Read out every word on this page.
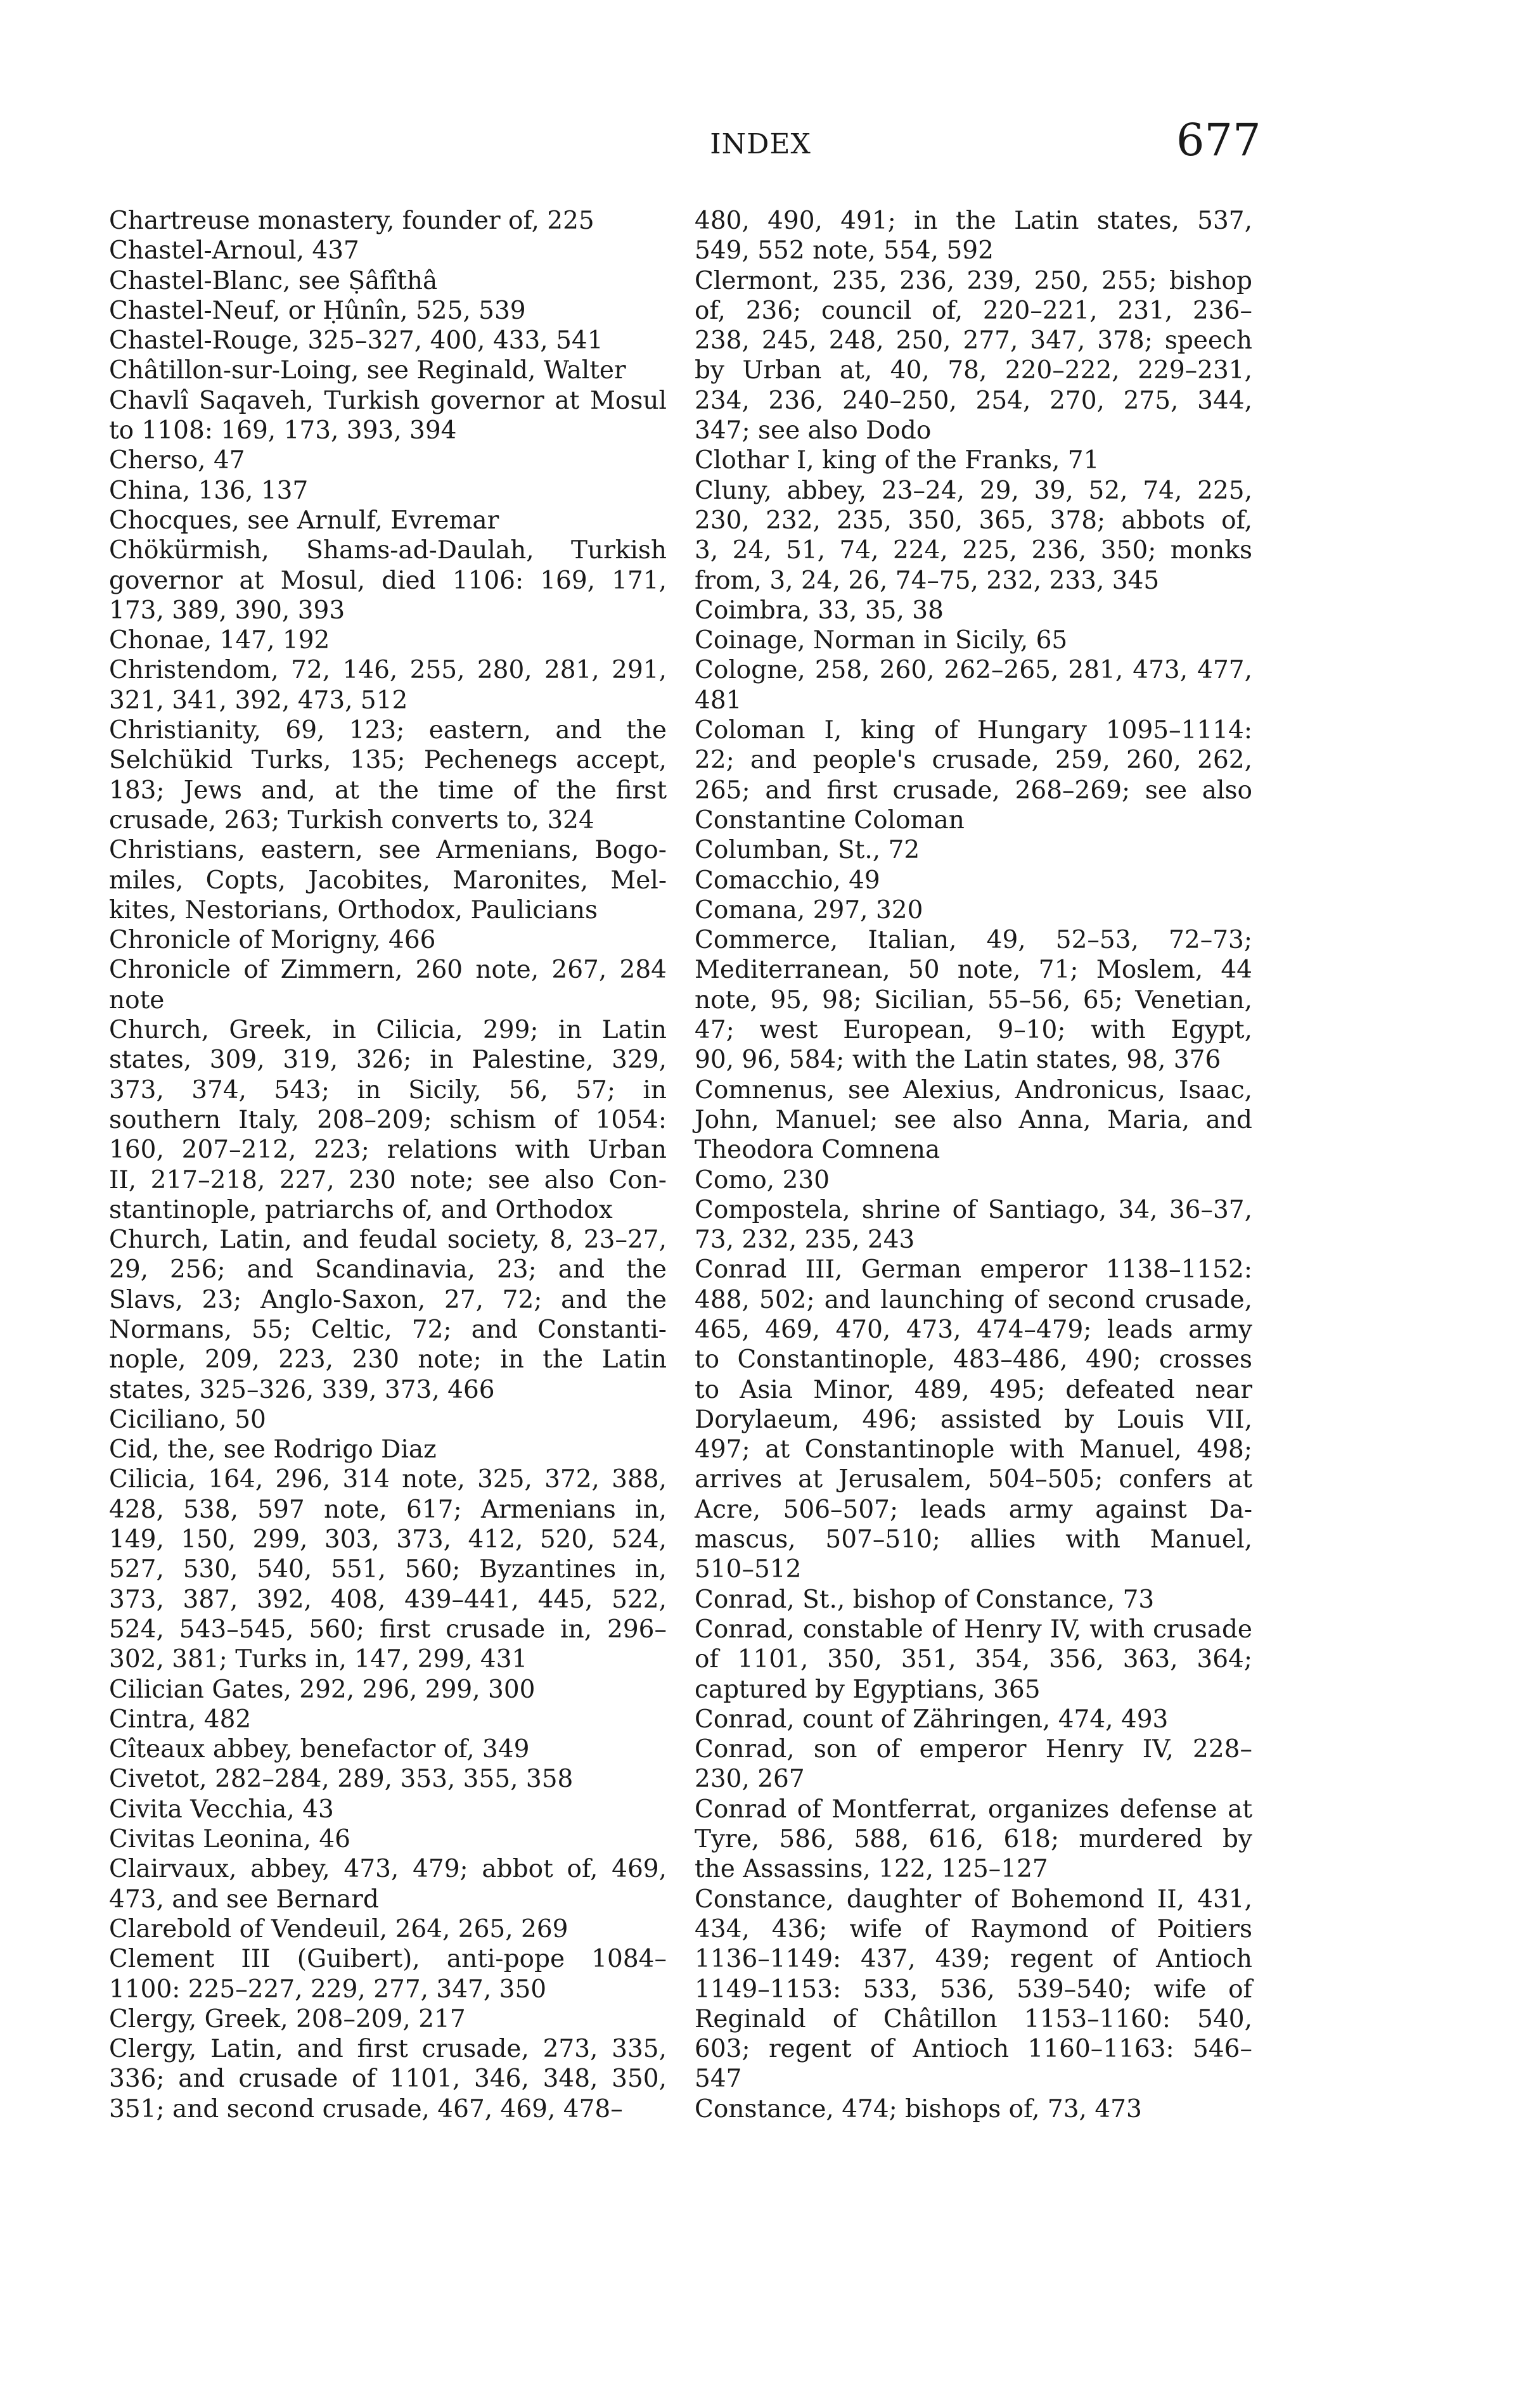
INDEX	677

Chartreuse monastery, founder of, 225

Chastel-Arnoul, 437

Chastel-Blanc, see Ṣâfîthâ

Chastel-Neuf, or Ḥûnîn, 525, 539

Chastel-Rouge, 325–327, 400, 433, 541

Châtillon-sur-Loing, see Reginald, Walter

Chavlî Saqaveh, Turkish governor at Mosul
to 1108: 169, 173, 393, 394

Cherso, 47

China, 136, 137

Chocques, see Arnulf, Evremar

Chökürmish, Shams-ad-Daulah, Turkish
governor at Mosul, died 1106: 169, 171,
173, 389, 390, 393

Chonae, 147, 192

Christendom, 72, 146, 255, 280, 281, 291,
321, 341, 392, 473, 512

Christianity, 69, 123; eastern, and the
Selchükid Turks, 135; Pechenegs accept,
183; Jews and, at the time of the first
crusade, 263; Turkish converts to, 324

Christians, eastern, see Armenians, Bogo-
miles, Copts, Jacobites, Maronites, Mel-
kites, Nestorians, Orthodox, Paulicians

Chronicle of Morigny, 466

Chronicle of Zimmern, 260 note, 267, 284
note

Church, Greek, in Cilicia, 299; in Latin
states, 309, 319, 326; in Palestine, 329,
373, 374, 543; in Sicily, 56, 57; in
southern Italy, 208–209; schism of 1054:
160, 207–212, 223; relations with Urban
II, 217–218, 227, 230 note; see also Con-
stantinople, patriarchs of, and Orthodox

Church, Latin, and feudal society, 8, 23–27,
29, 256; and Scandinavia, 23; and the
Slavs, 23; Anglo-Saxon, 27, 72; and the
Normans, 55; Celtic, 72; and Constanti-
nople, 209, 223, 230 note; in the Latin
states, 325–326, 339, 373, 466

Ciciliano, 50

Cid, the, see Rodrigo Diaz

Cilicia, 164, 296, 314 note, 325, 372, 388,
428, 538, 597 note, 617; Armenians in,
149, 150, 299, 303, 373, 412, 520, 524,
527, 530, 540, 551, 560; Byzantines in,
373, 387, 392, 408, 439–441, 445, 522,
524, 543–545, 560; first crusade in, 296–
302, 381; Turks in, 147, 299, 431

Cilician Gates, 292, 296, 299, 300

Cintra, 482

Cîteaux abbey, benefactor of, 349

Civetot, 282–284, 289, 353, 355, 358

Civita Vecchia, 43

Civitas Leonina, 46

Clairvaux, abbey, 473, 479; abbot of, 469,
473, and see Bernard

Clarebold of Vendeuil, 264, 265, 269

Clement III (Guibert), anti-pope 1084–
1100: 225–227, 229, 277, 347, 350

Clergy, Greek, 208–209, 217

Clergy, Latin, and first crusade, 273, 335,
336; and crusade of 1101, 346, 348, 350,
351; and second crusade, 467, 469, 478–

480, 490, 491; in the Latin states, 537,
549, 552 note, 554, 592

Clermont, 235, 236, 239, 250, 255; bishop
of, 236; council of, 220–221, 231, 236–
238, 245, 248, 250, 277, 347, 378; speech
by Urban at, 40, 78, 220–222, 229–231,
234, 236, 240–250, 254, 270, 275, 344,
347; see also Dodo

Clothar I, king of the Franks, 71

Cluny, abbey, 23–24, 29, 39, 52, 74, 225,
230, 232, 235, 350, 365, 378; abbots of,
3, 24, 51, 74, 224, 225, 236, 350; monks
from, 3, 24, 26, 74–75, 232, 233, 345

Coimbra, 33, 35, 38

Coinage, Norman in Sicily, 65

Cologne, 258, 260, 262–265, 281, 473, 477,
481

Coloman I, king of Hungary 1095–1114:
22; and people's crusade, 259, 260, 262,
265; and first crusade, 268–269; see also
Constantine Coloman

Columban, St., 72

Comacchio, 49

Comana, 297, 320

Commerce, Italian, 49, 52–53, 72–73;
Mediterranean, 50 note, 71; Moslem, 44
note, 95, 98; Sicilian, 55–56, 65; Venetian,
47; west European, 9–10; with Egypt,
90, 96, 584; with the Latin states, 98, 376

Comnenus, see Alexius, Andronicus, Isaac,
John, Manuel; see also Anna, Maria, and
Theodora Comnena

Como, 230

Compostela, shrine of Santiago, 34, 36–37,
73, 232, 235, 243

Conrad III, German emperor 1138–1152:
488, 502; and launching of second crusade,
465, 469, 470, 473, 474–479; leads army
to Constantinople, 483–486, 490; crosses
to Asia Minor, 489, 495; defeated near
Dorylaeum, 496; assisted by Louis VII,
497; at Constantinople with Manuel, 498;
arrives at Jerusalem, 504–505; confers at
Acre, 506–507; leads army against Da-
mascus, 507–510; allies with Manuel,
510–512

Conrad, St., bishop of Constance, 73

Conrad, constable of Henry IV, with crusade
of 1101, 350, 351, 354, 356, 363, 364;
captured by Egyptians, 365

Conrad, count of Zähringen, 474, 493

Conrad, son of emperor Henry IV, 228–
230, 267

Conrad of Montferrat, organizes defense at
Tyre, 586, 588, 616, 618; murdered by
the Assassins, 122, 125–127

Constance, daughter of Bohemond II, 431,
434, 436; wife of Raymond of Poitiers
1136–1149: 437, 439; regent of Antioch
1149–1153: 533, 536, 539–540; wife of
Reginald of Châtillon 1153–1160: 540,
603; regent of Antioch 1160–1163: 546–
547

Constance, 474; bishops of, 73, 473
